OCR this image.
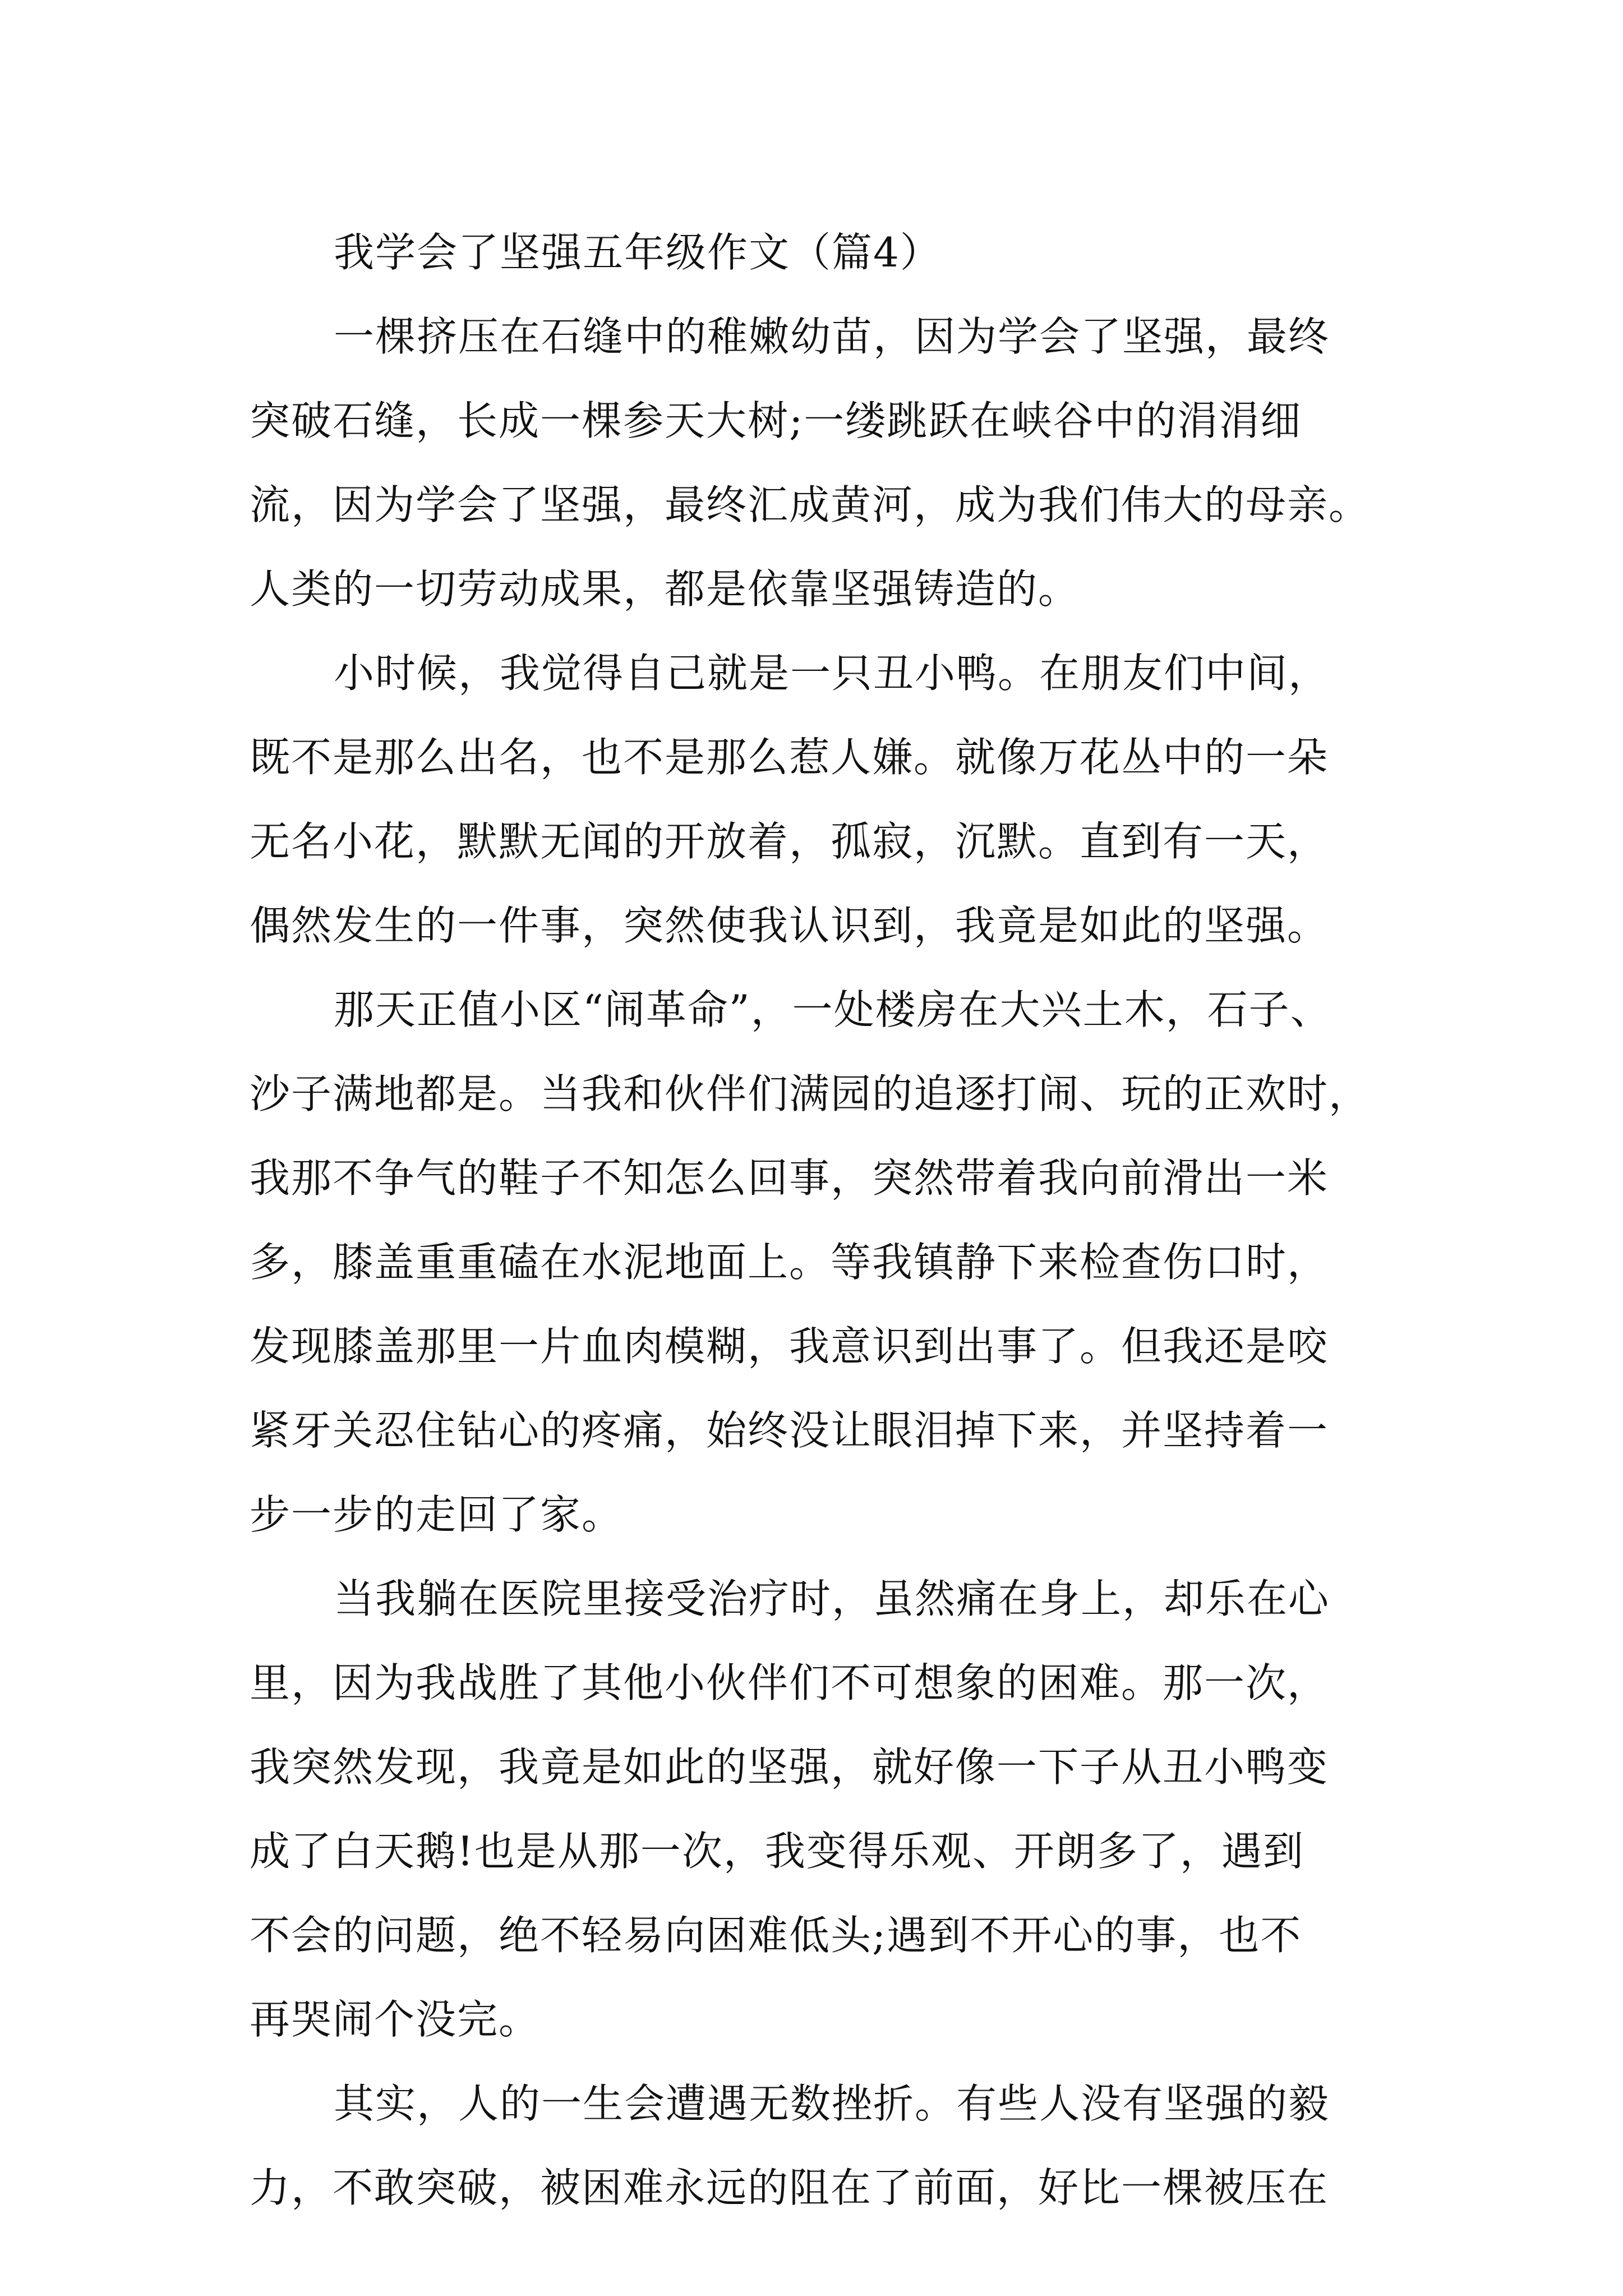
我学会了坚强五年级作文（篇4）
一棵挤压在石缝中的稚嫩幼苗，因为学会了坚强，最终
突破石缝，长成一棵参天大树;一缕跳跃在峡谷中的涓涓细
流，因为学会了坚强，最终汇成黄河，成为我们伟大的母亲。
人类的一切劳动成果，都是依靠坚强铸造的。
小时候，我觉得自己就是一只丑小鸭。在朋友们中间，
既不是那么出名，也不是那么惹人嫌。就像万花丛中的一朵
无名小花，默默无闻的开放着，孤寂，沉默。直到有一天，
偶然发生的一件事，突然使我认识到，我竟是如此的坚强。
那天正值小区“闹革命”，一处楼房在大兴土木，石子、
沙子满地都是。当我和伙伴们满园的追逐打闹、玩的正欢时，
我那不争气的鞋子不知怎么回事，突然带着我向前滑出一米
多，膝盖重重磕在水泥地面上。等我镇静下来检查伤口时，
发现膝盖那里一片血肉模糊，我意识到出事了。但我还是咬
紧牙关忍住钻心的疼痛，始终没让眼泪掉下来，并坚持着一
步一步的走回了家。
当我躺在医院里接受治疗时，虽然痛在身上，却乐在心
里，因为我战胜了其他小伙伴们不可想象的困难。那一次，
我突然发现，我竟是如此的坚强，就好像一下子从丑小鸭变
成了白天鹅!也是从那一次，我变得乐观、开朗多了，遇到
不会的问题，绝不轻易向困难低头;遇到不开心的事，也不
再哭闹个没完。
其实，人的一生会遭遇无数挫折。有些人没有坚强的毅
力，不敢突破，被困难永远的阻在了前面，好比一棵被压在
